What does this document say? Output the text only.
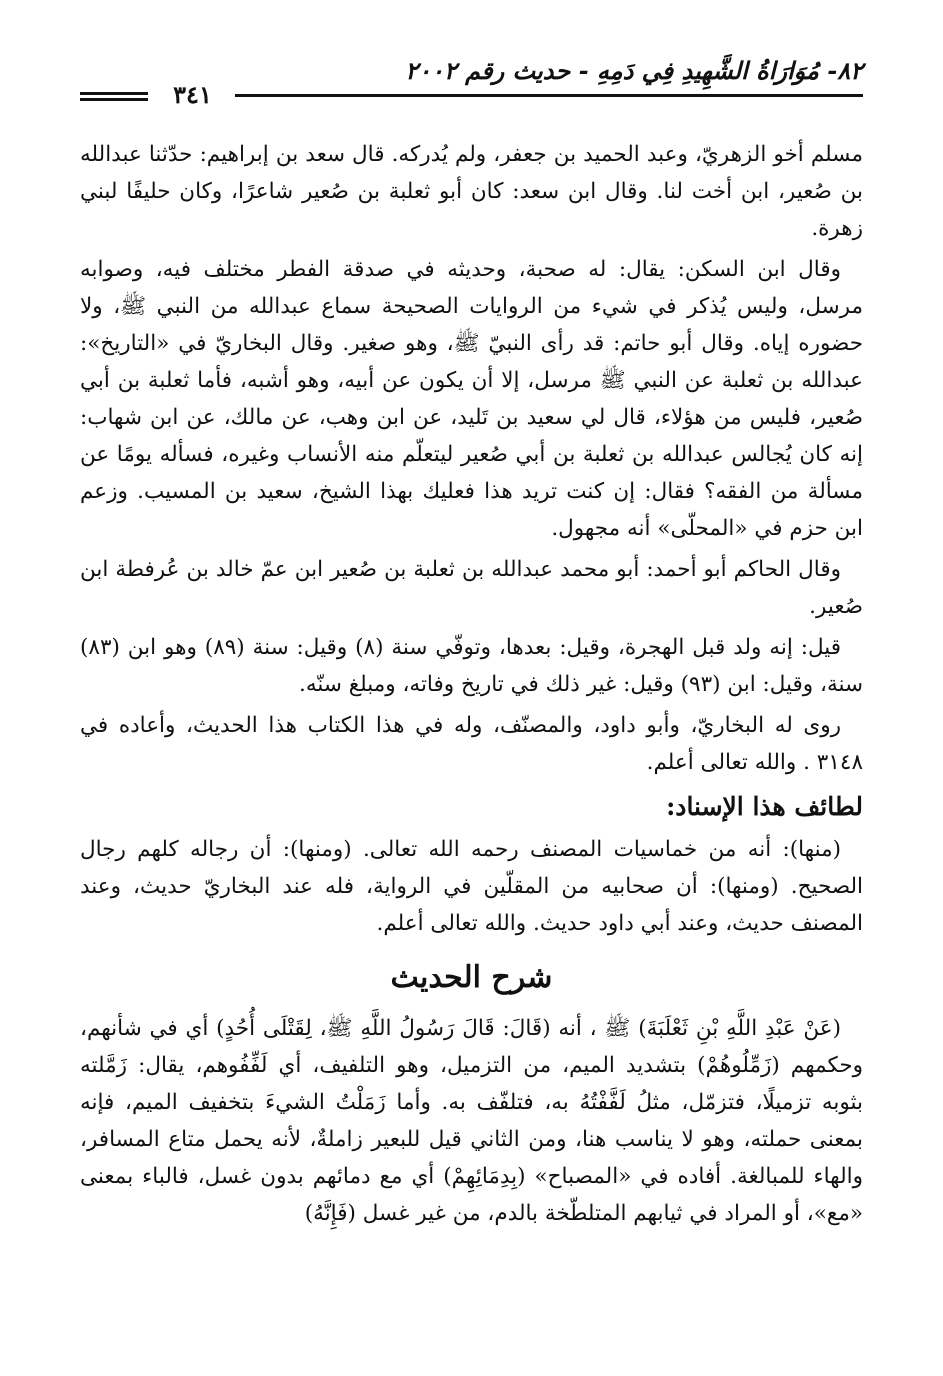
٨٢- مُوَارَاةُ الشَّهِيدِ فِي دَمِهِ - حديث رقم ٢٠٠٢
٣٤١

مسلم أخو الزهريّ، وعبد الحميد بن جعفر، ولم يُدركه. قال سعد بن إبراهيم: حدّثنا عبدالله بن صُعير، ابن أخت لنا. وقال ابن سعد: كان أبو ثعلبة بن صُعير شاعرًا، وكان حليفًا لبني زهرة.

وقال ابن السكن: يقال: له صحبة، وحديثه في صدقة الفطر مختلف فيه، وصوابه مرسل، وليس يُذكر في شيء من الروايات الصحيحة سماع عبدالله من النبي ﷺ، ولا حضوره إياه. وقال أبو حاتم: قد رأى النبيّ ﷺ، وهو صغير. وقال البخاريّ في «التاريخ»: عبدالله بن ثعلبة عن النبي ﷺ مرسل، إلا أن يكون عن أبيه، وهو أشبه، فأما ثعلبة بن أبي صُعير، فليس من هؤلاء، قال لي سعيد بن تَليد، عن ابن وهب، عن مالك، عن ابن شهاب: إنه كان يُجالس عبدالله بن ثعلبة بن أبي صُعير ليتعلّم منه الأنساب وغيره، فسأله يومًا عن مسألة من الفقه؟ فقال: إن كنت تريد هذا فعليك بهذا الشيخ، سعيد بن المسيب. وزعم ابن حزم في «المحلّى» أنه مجهول.

وقال الحاكم أبو أحمد: أبو محمد عبدالله بن ثعلبة بن صُعير ابن عمّ خالد بن عُرفطة ابن صُعير.

قيل: إنه ولد قبل الهجرة، وقيل: بعدها، وتوفّي سنة (٨) وقيل: سنة (٨٩) وهو ابن (٨٣) سنة، وقيل: ابن (٩٣) وقيل: غير ذلك في تاريخ وفاته، ومبلغ سنّه.

روى له البخاريّ، وأبو داود، والمصنّف، وله في هذا الكتاب هذا الحديث، وأعاده في ٣١٤٨ . والله تعالى أعلم.

لطائف هذا الإسناد:

(منها): أنه من خماسيات المصنف رحمه الله تعالى. (ومنها): أن رجاله كلهم رجال الصحيح. (ومنها): أن صحابيه من المقلّين في الرواية، فله عند البخاريّ حديث، وعند المصنف حديث، وعند أبي داود حديث. والله تعالى أعلم.

شرح الحديث

(عَنْ عَبْدِ اللَّهِ بْنِ ثَعْلَبَةَ) ﷺ ، أنه (قَالَ: قَالَ رَسُولُ اللَّهِ ﷺ، لِقَتْلَى أُحُدٍ) أي في شأنهم، وحكمهم (زَمِّلُوهُمْ) بتشديد الميم، من التزميل، وهو التلفيف، أي لَفِّفُوهم، يقال: زَمَّلته بثوبه تزميلًا، فتزمّل، مثلُ لَفَّفْتُهُ به، فتلفّف به. وأما زَمَلْتُ الشيءَ بتخفيف الميم، فإنه بمعنى حملته، وهو لا يناسب هنا، ومن الثاني قيل للبعير زاملةٌ، لأنه يحمل متاع المسافر، والهاء للمبالغة. أفاده في «المصباح» (بِدِمَائِهِمْ) أي مع دمائهم بدون غسل، فالباء بمعنى «مع»، أو المراد في ثيابهم المتلطّخة بالدم، من غير غسل (فَإِنَّهُ)
